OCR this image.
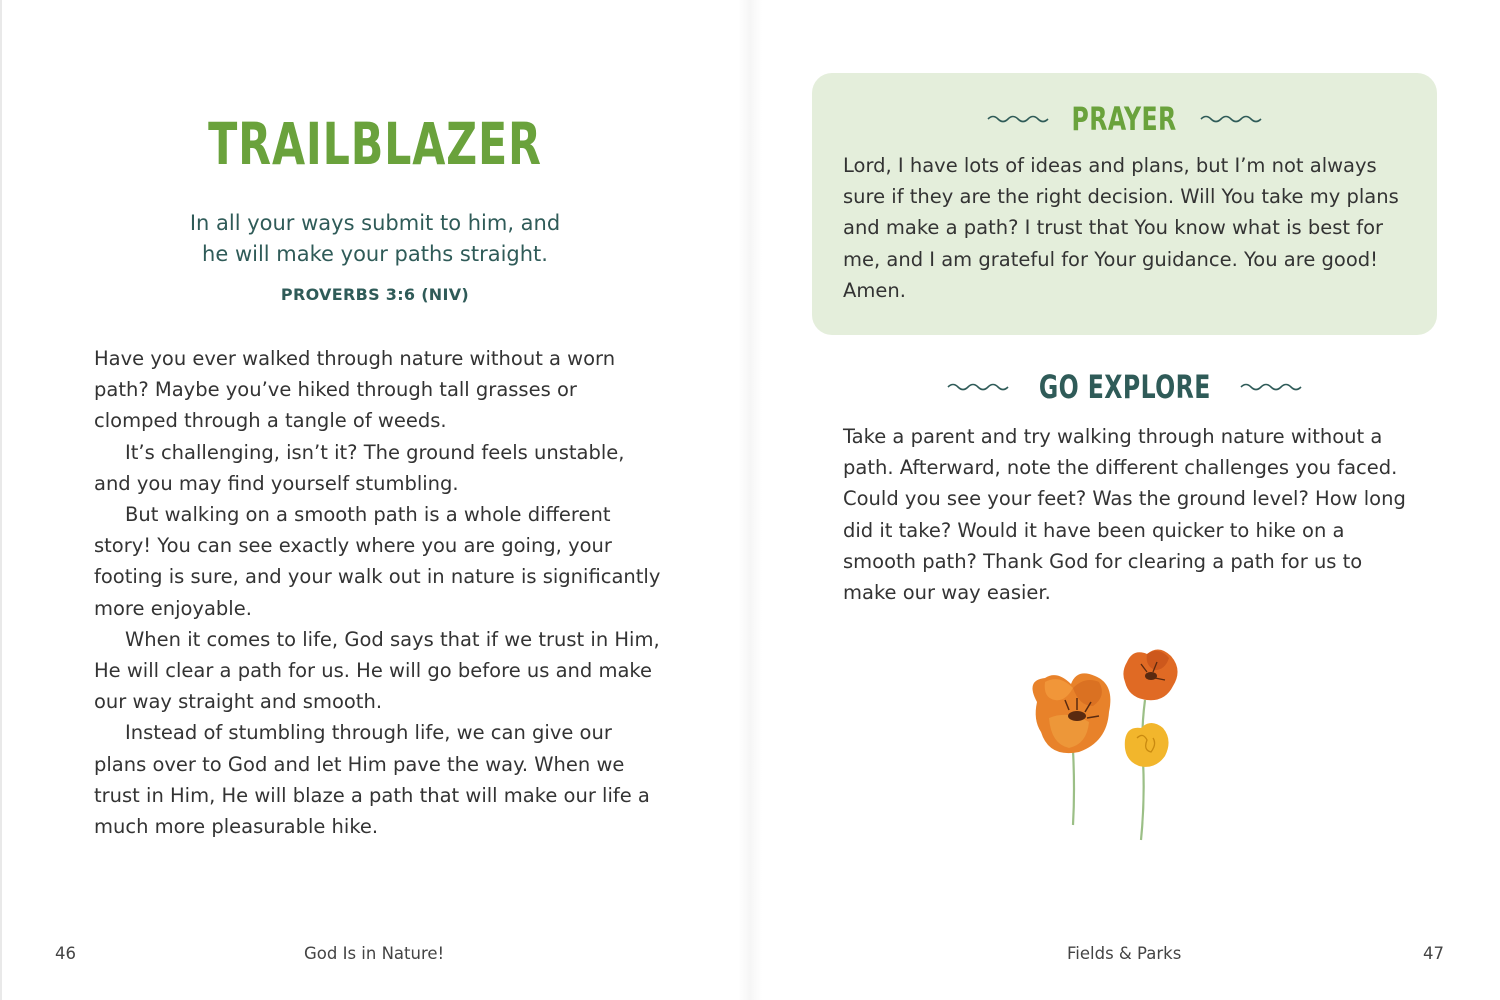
TRAILBLAZER
In all your ways submit to him, and
he will make your paths straight.
PROVERBS 3:6 (NIV)

Have you ever walked through nature without a worn path? Maybe you’ve hiked through tall grasses or clomped through a tangle of weeds.

It’s challenging, isn’t it? The ground feels unstable, and you may find yourself stumbling.

But walking on a smooth path is a whole different story! You can see exactly where you are going, your footing is sure, and your walk out in nature is significantly more enjoyable.

When it comes to life, God says that if we trust in Him, He will clear a path for us. He will go before us and make our way straight and smooth.

Instead of stumbling through life, we can give our plans over to God and let Him pave the way. When we trust in Him, He will blaze a path that will make our life a much more pleasurable hike.

PRAYER
Lord, I have lots of ideas and plans, but I’m not always sure if they are the right decision. Will You take my plans and make a path? I trust that You know what is best for me, and I am grateful for Your guidance. You are good! Amen.
GO EXPLORE
Take a parent and try walking through nature without a path. Afterward, note the different challenges you faced. Could you see your feet? Was the ground level? How long did it take? Would it have been quicker to hike on a smooth path? Thank God for clearing a path for us to make our way easier.
46	God Is in Nature!	Fields & Parks	47
